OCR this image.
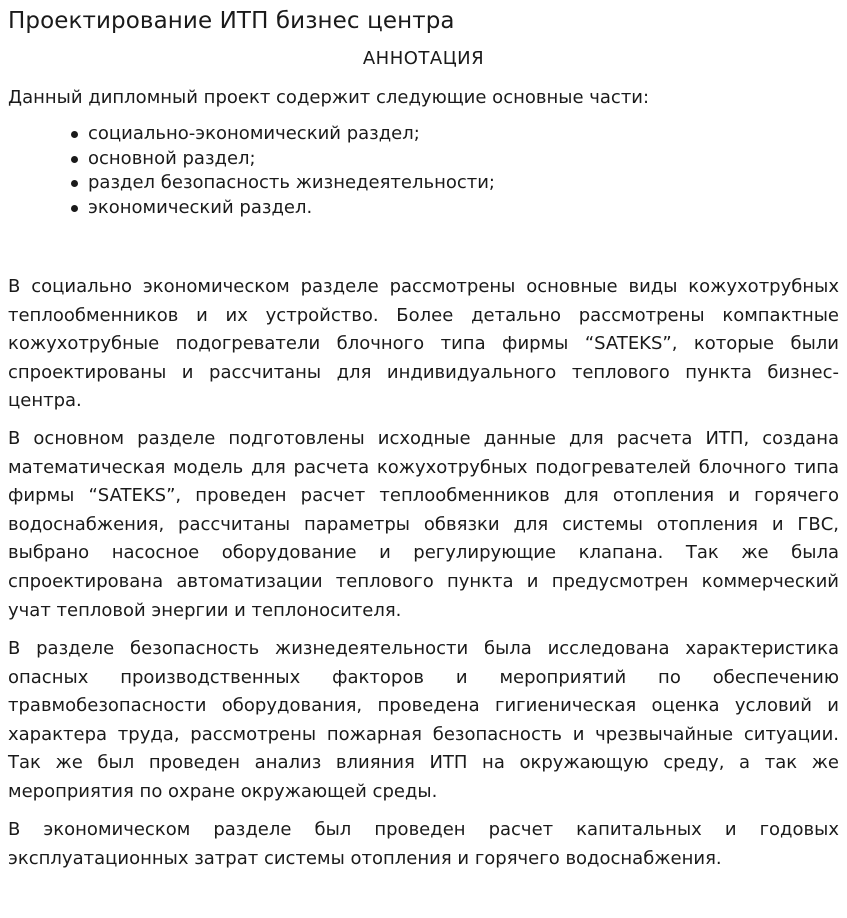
Проектирование ИТП бизнес центра
АННОТАЦИЯ

Данный дипломный проект содержит следующие основные части:

социально-экономический раздел;
основной раздел;
раздел безопасность жизнедеятельности;
экономический раздел.

В социально экономическом разделе рассмотрены основные виды кожухотрубных теплообменников и их устройство. Более детально рассмотрены компактные кожухотрубные подогреватели блочного типа фирмы “SATEKS”, которые были спроектированы и рассчитаны для индивидуального теплового пункта бизнес- центра.

В основном разделе подготовлены исходные данные для расчета ИТП, создана математическая модель для расчета кожухотрубных подогревателей блочного типа фирмы “SATEKS”, проведен расчет теплообменников для отопления и горячего водоснабжения, рассчитаны параметры обвязки для системы отопления и ГВС, выбрано насосное оборудование и регулирующие клапана. Так же была спроектирована автоматизации теплового пункта и предусмотрен коммерческий учат тепловой энергии и теплоносителя.

В разделе безопасность жизнедеятельности была исследована характеристика опасных производственных факторов и мероприятий по обеспечению травмобезопасности оборудования, проведена гигиеническая оценка условий и характера труда, рассмотрены пожарная безопасность и чрезвычайные ситуации. Так же был проведен анализ влияния ИТП на окружающую среду, а так же мероприятия по охране окружающей среды.

В экономическом разделе был проведен расчет капитальных и годовых эксплуатационных затрат системы отопления и горячего водоснабжения.
